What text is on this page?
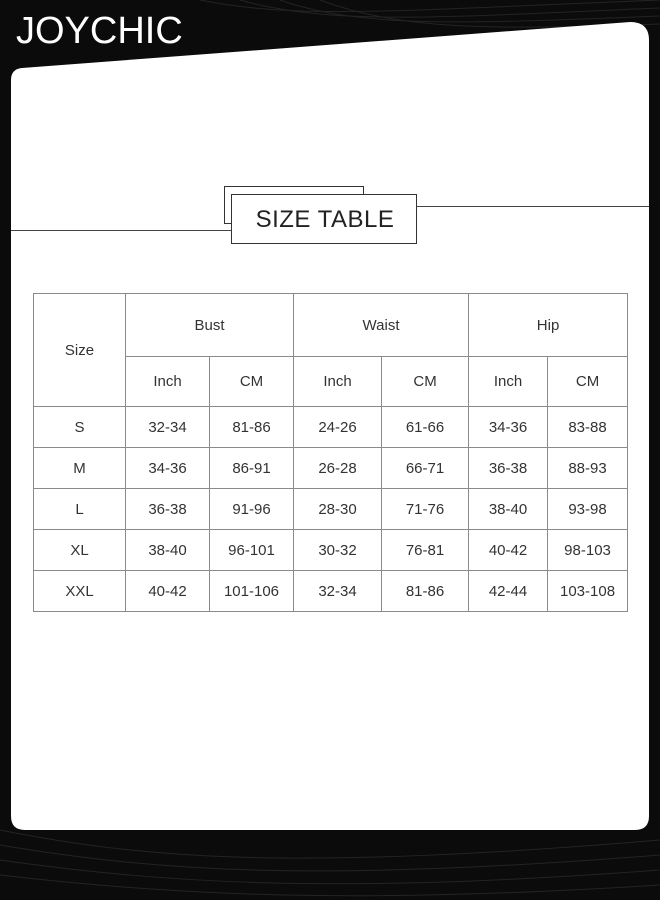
JOYCHIC
SIZE TABLE
Size	Bust		Waist		Hip	
	Inch	CM	Inch	CM	Inch	CM
S	32-34	81-86	24-26	61-66	34-36	83-88
M	34-36	86-91	26-28	66-71	36-38	88-93
L	36-38	91-96	28-30	71-76	38-40	93-98
XL	38-40	96-101	30-32	76-81	40-42	98-103
XXL	40-42	101-106	32-34	81-86	42-44	103-108
